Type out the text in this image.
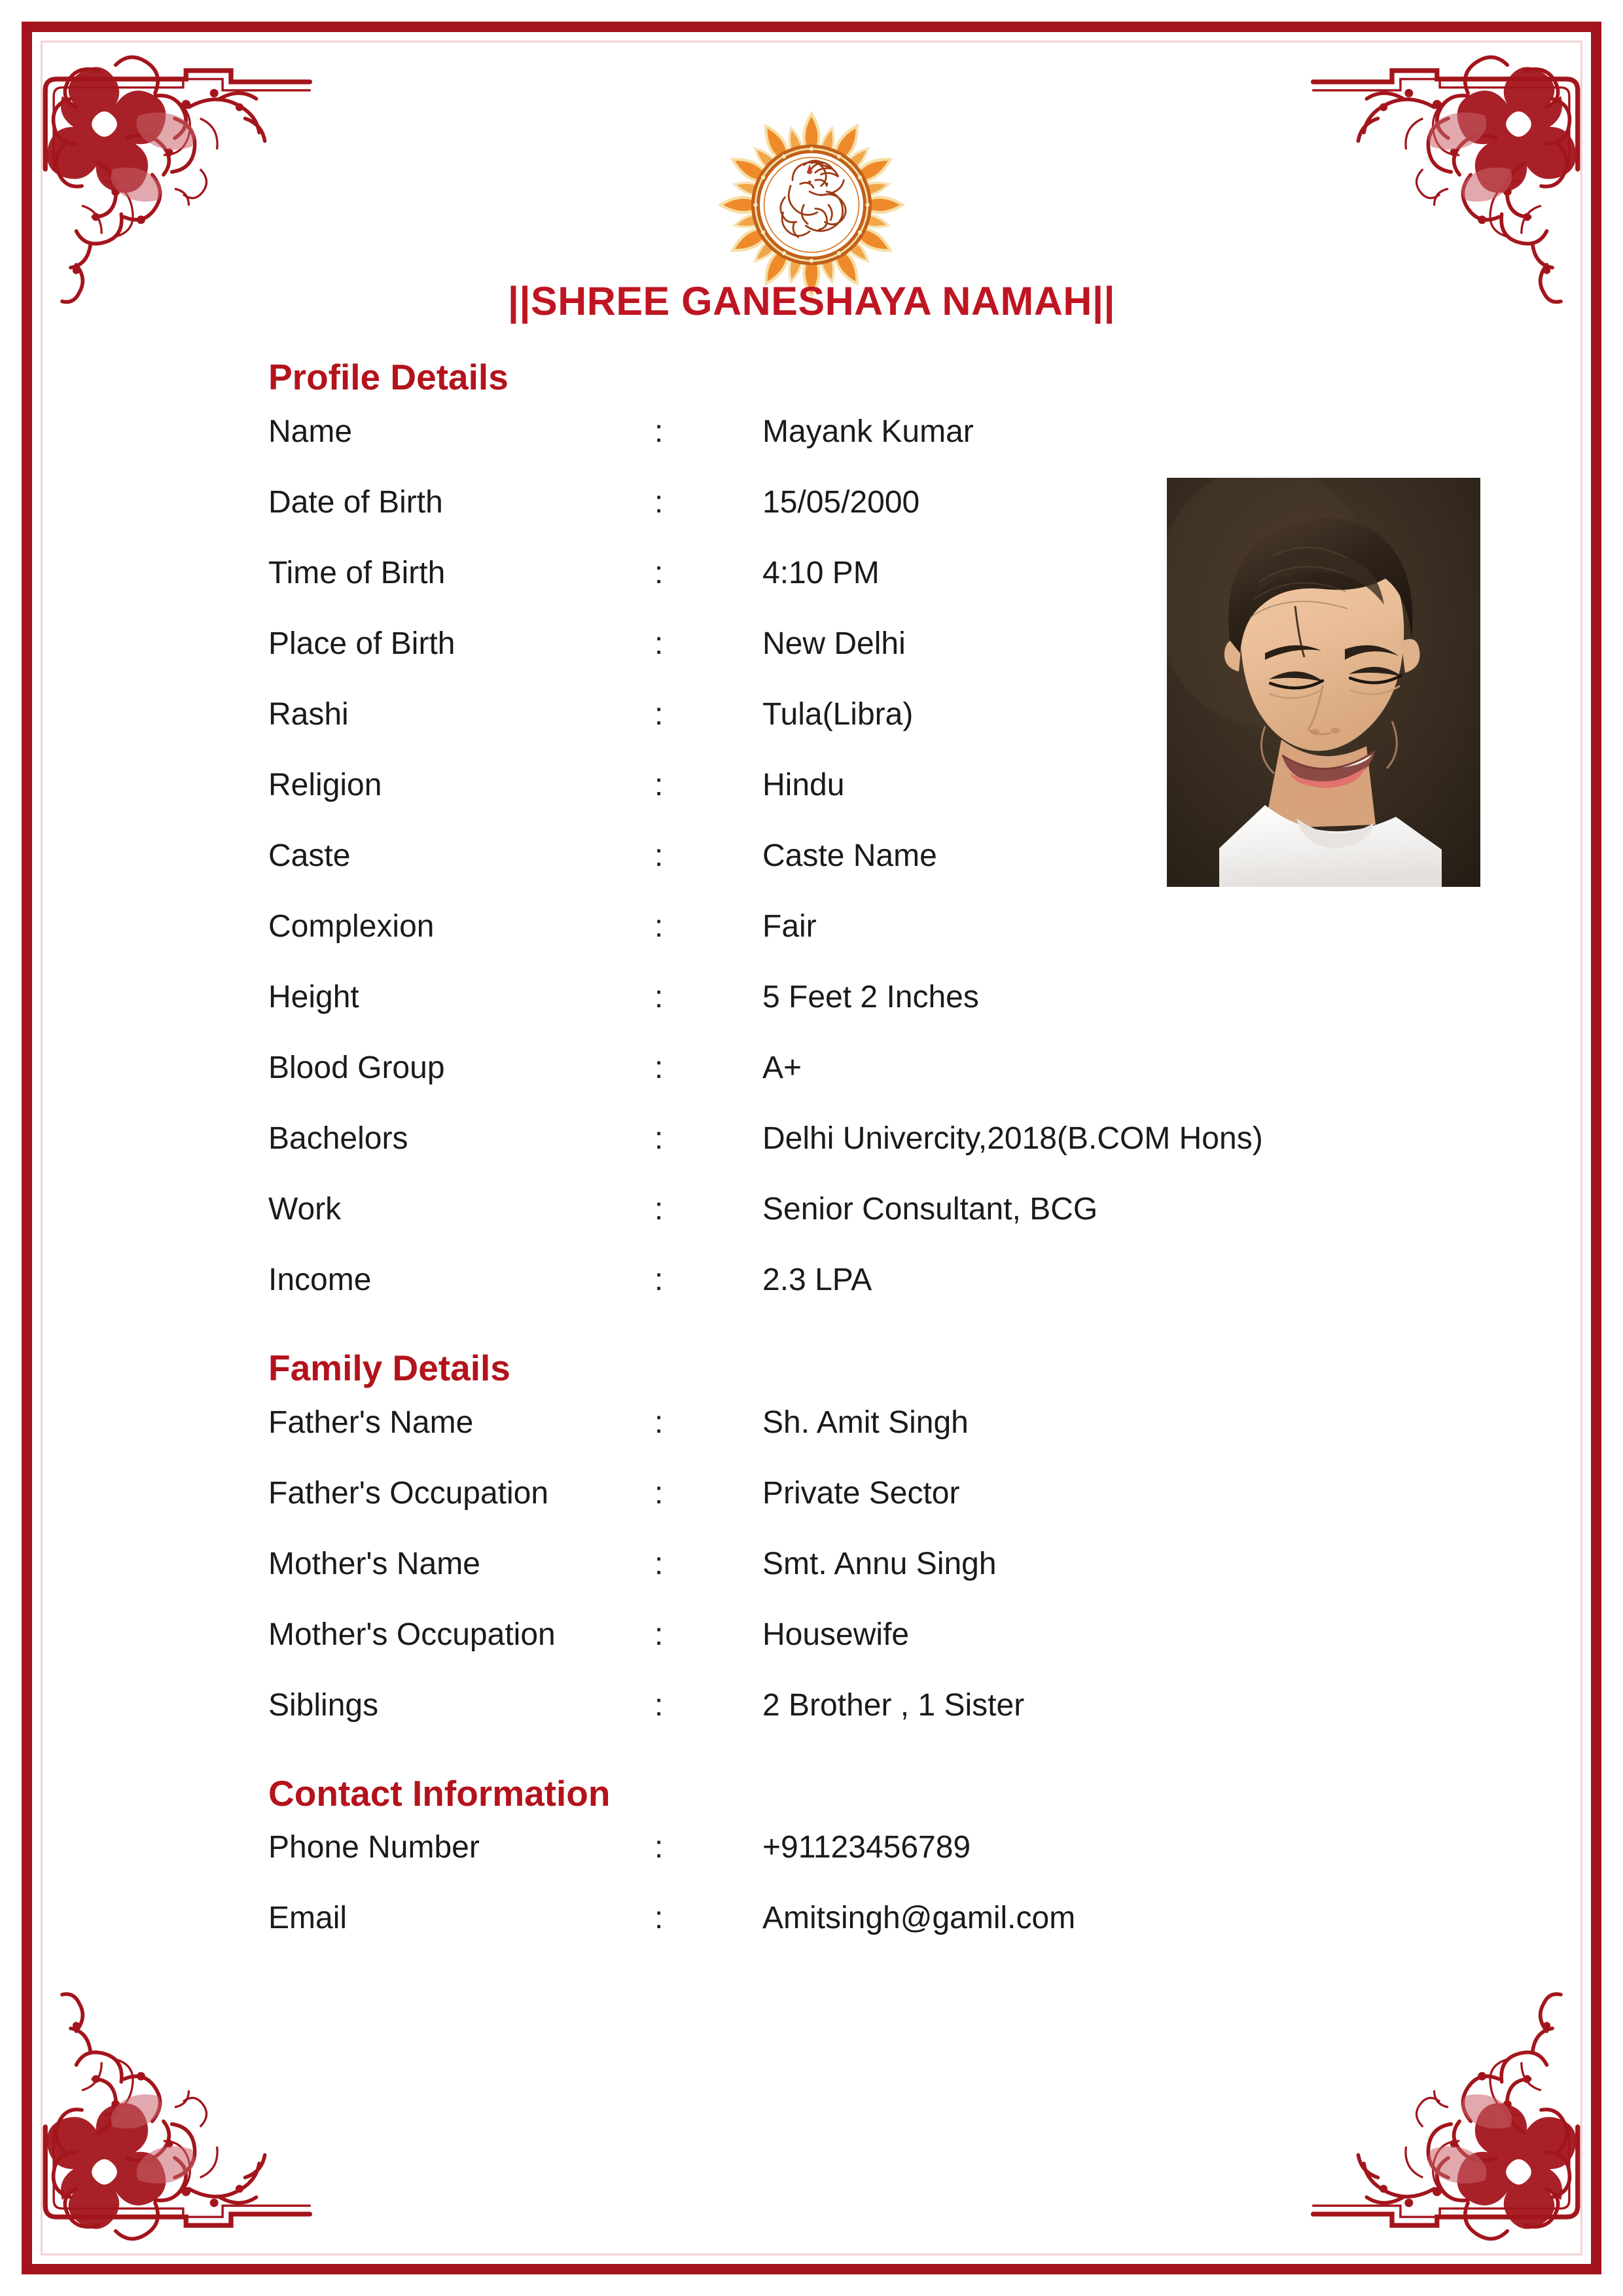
||SHREE GANESHAYA NAMAH||
Profile Details
Name	:	Mayank Kumar
Date of Birth	:	15/05/2000
Time of Birth	:	4:10 PM
Place of Birth	:	New Delhi
Rashi	:	Tula(Libra)
Religion	:	Hindu
Caste	:	Caste Name
Complexion	:	Fair
Height	:	5 Feet 2 Inches
Blood Group	:	A+
Bachelors	:	Delhi Univercity,2018(B.COM Hons)
Work	:	Senior Consultant, BCG
Income	:	2.3 LPA
Family Details
Father's Name	:	Sh. Amit Singh
Father's Occupation	:	Private Sector
Mother's Name	:	Smt. Annu Singh
Mother's Occupation	:	Housewife
Siblings	:	2 Brother , 1 Sister
Contact Information
Phone Number	:	+91123456789
Email	:	Amitsingh@gamil.com
